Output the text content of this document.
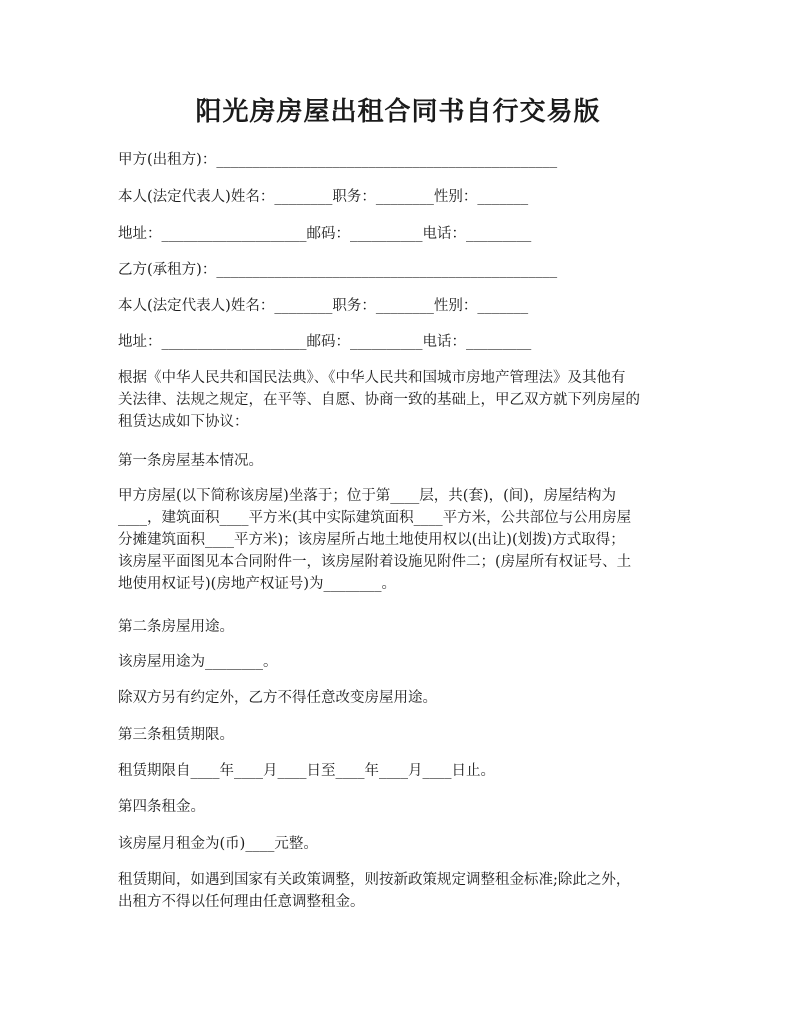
阳光房房屋出租合同书自行交易版

甲方(出租方)：_______________________________________________

本人(法定代表人)姓名：________职务：________性别：_______

地址：____________________邮码：__________电话：_________

乙方(承租方)：_______________________________________________

本人(法定代表人)姓名：________职务：________性别：_______

地址：____________________邮码：__________电话：_________

根据《中华人民共和国民法典》、《中华人民共和国城市房地产管理法》及其他有
关法律、法规之规定，在平等、自愿、协商一致的基础上，甲乙双方就下列房屋的
租赁达成如下协议：

第一条房屋基本情况。

甲方房屋(以下简称该房屋)坐落于；位于第____层，共(套)，(间)，房屋结构为
____，建筑面积____平方米(其中实际建筑面积____平方米，公共部位与公用房屋
分摊建筑面积____平方米)；该房屋所占地土地使用权以(出让)(划拨)方式取得；
该房屋平面图见本合同附件一，该房屋附着设施见附件二；(房屋所有权证号、土
地使用权证号)(房地产权证号)为________。

第二条房屋用途。

该房屋用途为________。

除双方另有约定外，乙方不得任意改变房屋用途。

第三条租赁期限。

租赁期限自____年____月____日至____年____月____日止。

第四条租金。

该房屋月租金为(币)____元整。

租赁期间，如遇到国家有关政策调整，则按新政策规定调整租金标准;除此之外，
出租方不得以任何理由任意调整租金。
